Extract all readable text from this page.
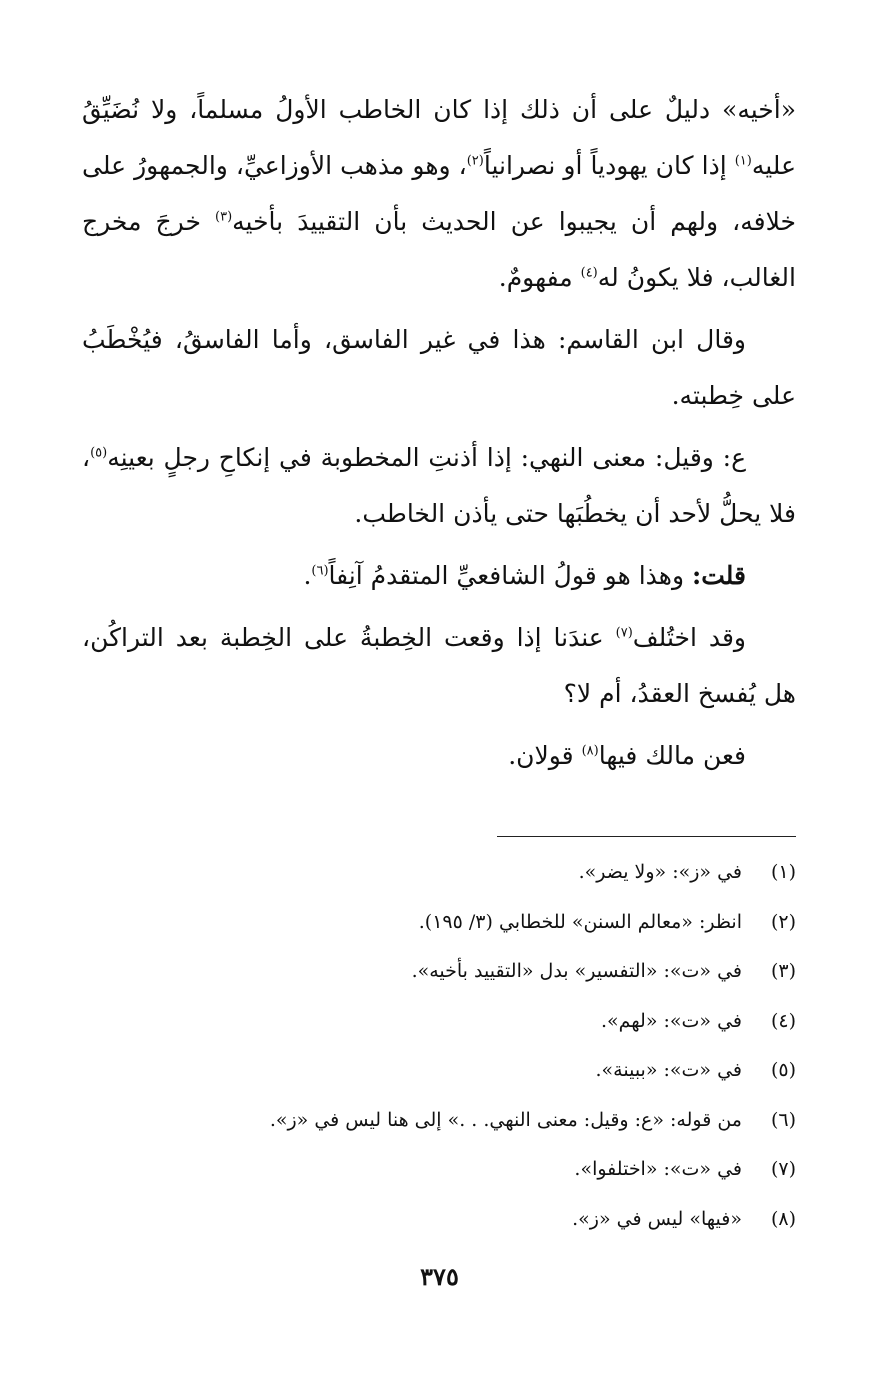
«أخيه» دليلٌ على أن ذلك إذا كان الخاطب الأولُ مسلماً، ولا نُضَيِّقُ عليه$^{(١)}$ إذا كان يهودياً أو نصرانياً$^{(٢)}$، وهو مذهب الأوزاعيِّ، والجمهورُ على خلافه، ولهم أن يجيبوا عن الحديث بأن التقييدَ بأخيه$^{(٣)}$ خرجَ مخرج الغالب، فلا يكونُ له$^{(٤)}$ مفهومٌ.

وقال ابن القاسم: هذا في غير الفاسق، وأما الفاسقُ، فيُخْطَبُ على خِطبته.

ع: وقيل: معنى النهي: إذا أذنتِ المخطوبة في إنكاحِ رجلٍ بعينِه$^{(٥)}$، فلا يحلُّ لأحد أن يخطُبَها حتى يأذن الخاطب.

قلت: وهذا هو قولُ الشافعيِّ المتقدمُ آنِفاً$^{(٦)}$.

وقد اختُلف$^{(٧)}$ عندَنا إذا وقعت الخِطبةُ على الخِطبة بعد التراكُن، هل يُفسخ العقدُ، أم لا؟

فعن مالك فيها$^{(٨)}$ قولان.

(١)
في «ز»: «ولا يضر».
(٢)
انظر: «معالم السنن» للخطابي (٣/ ١٩٥).
(٣)
في «ت»: «التفسير» بدل «التقييد بأخيه».
(٤)
في «ت»: «لهم».
(٥)
في «ت»: «ببينة».
(٦)
من قوله: «ع: وقيل: معنى النهي. . .» إلى هنا ليس في «ز».
(٧)
في «ت»: «اختلفوا».
(٨)
«فيها» ليس في «ز».
٣٧٥
